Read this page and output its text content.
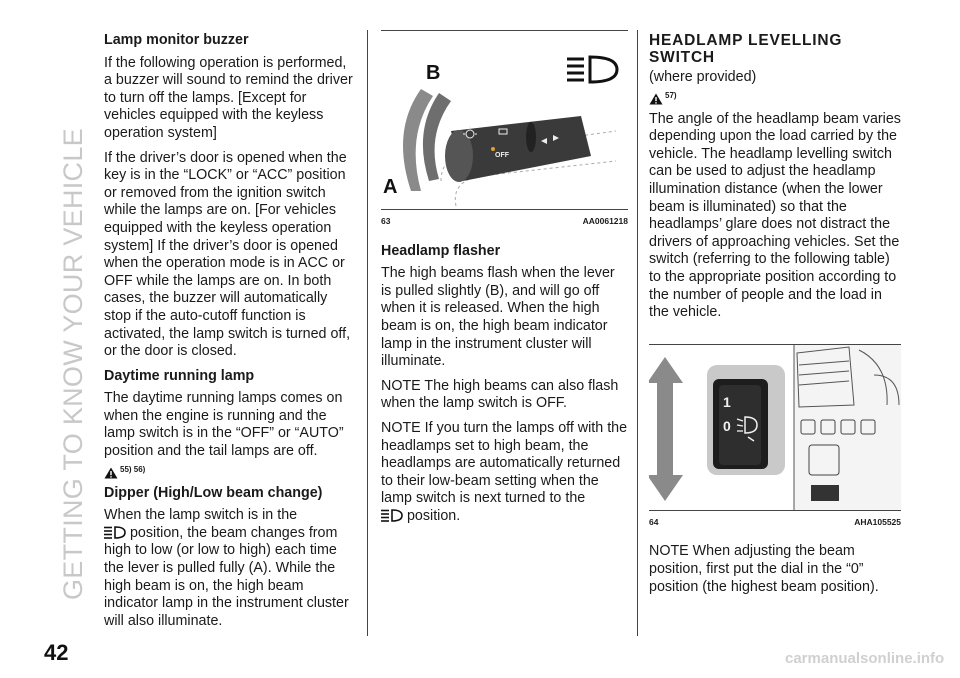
GETTING TO KNOW YOUR VEHICLE
Lamp monitor buzzer

If the following operation is performed, a buzzer will sound to remind the driver to turn off the lamps. [Except for vehicles equipped with the keyless operation system]

If the driver’s door is opened when the key is in the “LOCK” or “ACC” position or removed from the ignition switch while the lamps are on. [For vehicles equipped with the keyless operation system] If the driver’s door is opened when the operation mode is in ACC or OFF while the lamps are on. In both cases, the buzzer will automatically stop if the auto-cutoff function is activated, the lamp switch is turned off, or the door is closed.

Daytime running lamp

The daytime running lamps comes on when the engine is running and the lamp switch is in the “OFF” or “AUTO” position and the tail lamps are off.

55) 56)
Dipper (High/Low beam change)

When the lamp switch is in the
position, the beam changes from high to low (or low to high) each time the lever is pulled fully (A). While the high beam is on, the high beam indicator lamp in the instrument cluster will also illuminate.

OFF
B
A
63	AA0061218
Headlamp flasher

The high beams flash when the lever is pulled slightly (B), and will go off when it is released. When the high beam is on, the high beam indicator lamp in the instrument cluster will illuminate.

NOTE The high beams can also flash when the lamp switch is OFF.

NOTE If you turn the lamps off with the headlamps set to high beam, the headlamps are automatically returned to their low-beam setting when the lamp switch is next turned to the
position.

HEADLAMP LEVELLING SWITCH

(where provided)

57)

The angle of the headlamp beam varies depending upon the load carried by the vehicle. The headlamp levelling switch can be used to adjust the headlamp illumination distance (when the lower beam is illuminated) so that the headlamps’ glare does not distract the drivers of approaching vehicles. Set the switch (referring to the following table) to the appropriate position according to the number of people and the load in the vehicle.

1
0
64	AHA105525

NOTE When adjusting the beam position, first put the dial in the “0” position (the highest beam position).

42	carmanualsonline.info
